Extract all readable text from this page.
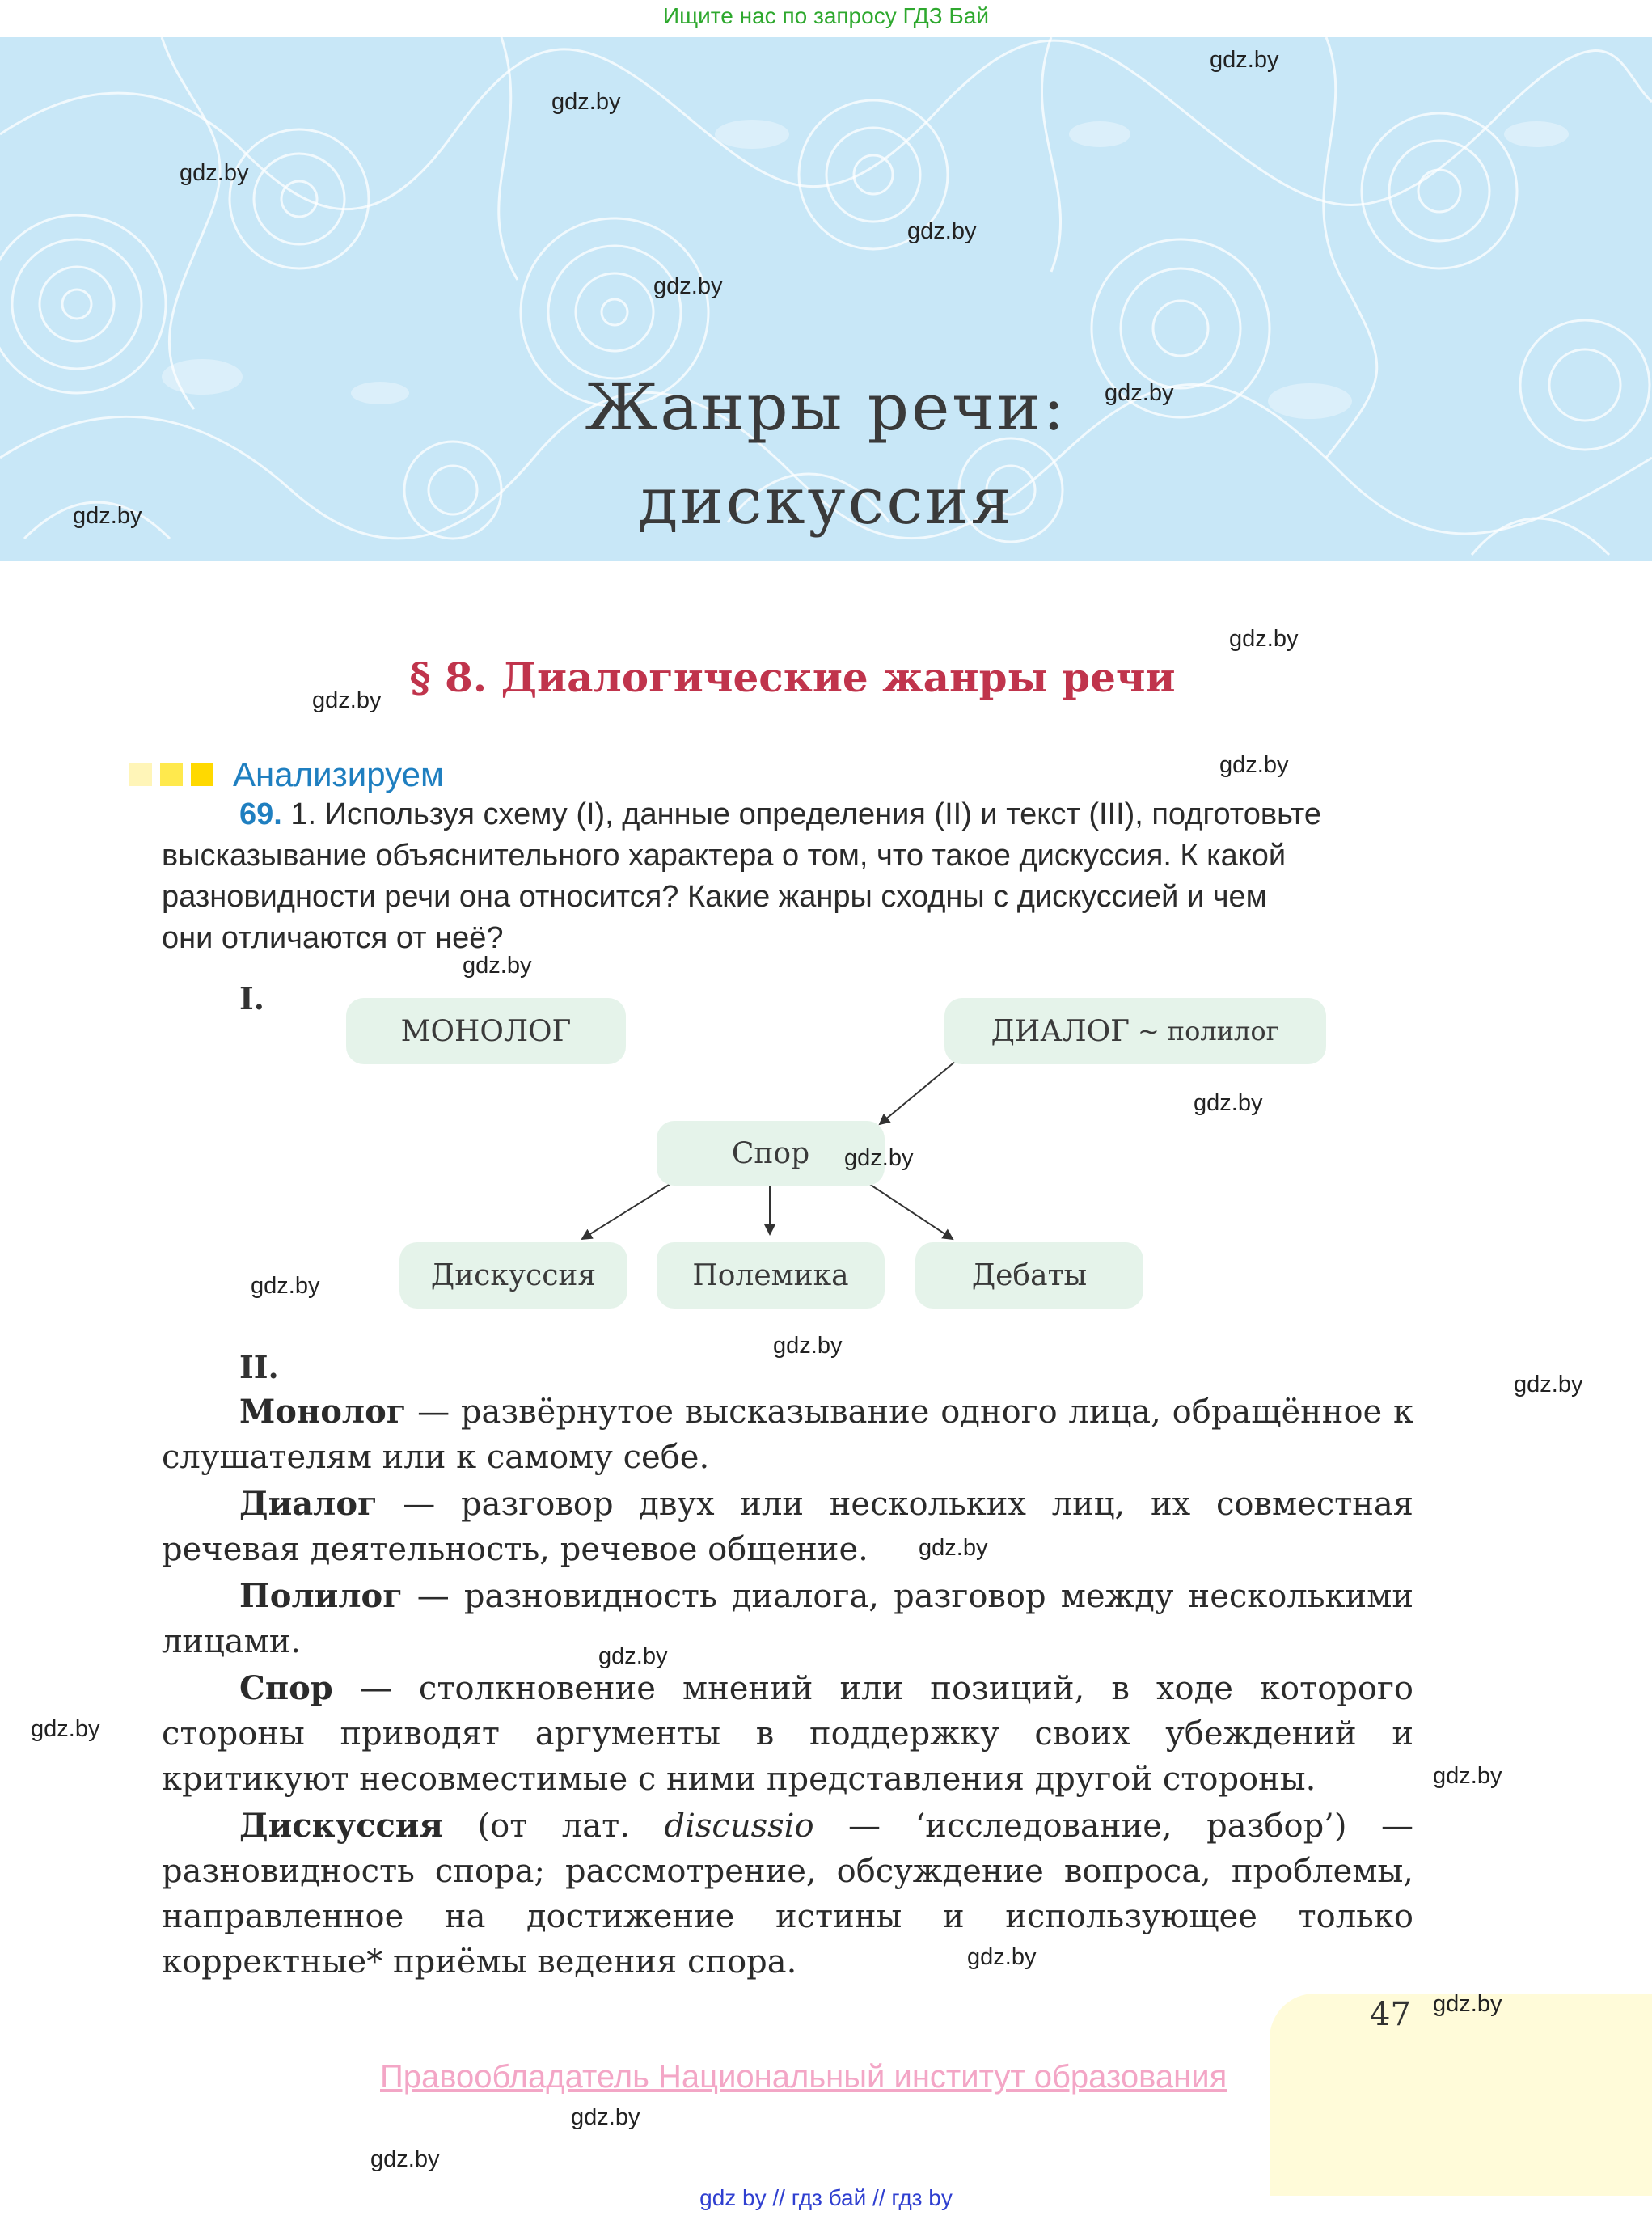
Ищите нас по запросу ГДЗ Бай
Жанры речи:
дискуссия
§ 8. Диалогические жанры речи
Анализируем
69. 1. Используя схему (I), данные определения (II) и текст (III), подготовьте
высказывание объяснительного характера о том, что такое дискуссия. К какой
разновидности речи она относится? Какие жанры сходны с дискуссией и чем
они отличаются от неё?
I.
МОНОЛОГ	ДИАЛОГ ~ полилог
Спор
Дискуссия	Полемика	Дебаты
II.

Монолог — развёрнутое высказывание одного лица, обращённое к слушателям или к самому себе.

Диалог — разговор двух или нескольких лиц, их совместная речевая деятельность, речевое общение.

Полилог — разновидность диалога, разговор между несколькими лицами.

Спор — столкновение мнений или позиций, в ходе которого стороны приводят аргументы в поддержку своих убеждений и критикуют несовместимые с ними представления другой стороны.

Дискуссия (от лат. discussio — ‘исследование, разбор’) — разновидность спора; рассмотрение, обсуждение вопроса, проблемы, направленное на достижение истины и использующее только корректные* приёмы ведения спора.

47
Правообладатель Национальный институт образования
gdz.by
gdz.by
gdz.by
gdz.by
gdz.by
gdz.by
gdz.by
gdz.by
gdz.by
gdz.by
gdz.by
gdz.by
gdz.by
gdz.by
gdz.by
gdz.by
gdz.by
gdz.by
gdz.by
gdz.by
gdz.by
gdz.by
gdz.by
gdz.by
gdz by // гдз бай // гдз by
